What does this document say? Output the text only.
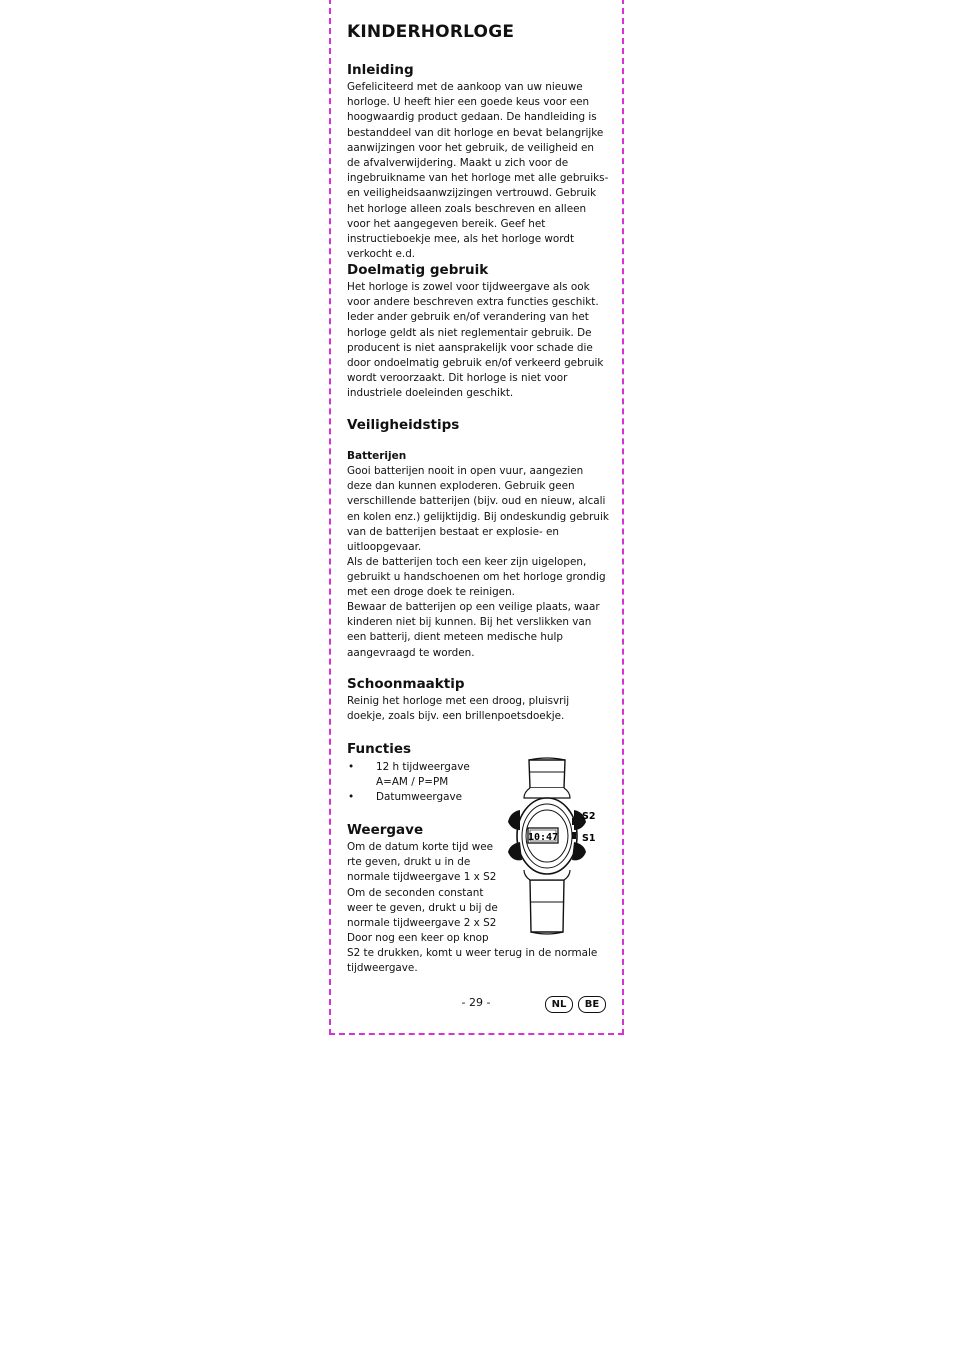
KINDERHORLOGE
Inleiding

Gefeliciteerd met de aankoop van uw nieuwe horloge. U heeft hier een goede keus voor een hoogwaardig product gedaan. De handleiding is bestanddeel van dit horloge en bevat belangrijke aanwijzingen voor het gebruik, de veiligheid en de afvalverwijdering. Maakt u zich voor de ingebruikname van het horloge met alle gebruiks- en veiligheidsaanwzijzingen vertrouwd. Gebruik het horloge alleen zoals beschreven en alleen voor het aangegeven bereik. Geef het instructieboekje mee, als het horloge wordt verkocht e.d.

Doelmatig gebruik

Het horloge is zowel voor tijdweergave als ook voor andere beschreven extra functies geschikt. Ieder ander gebruik en/of verandering van het horloge geldt als niet reglementair gebruik. De producent is niet aansprakelijk voor schade die door ondoelmatig gebruik en/of verkeerd gebruik wordt veroorzaakt. Dit horloge is niet voor industriele doeleinden geschikt.

Veiligheidstips
Batterijen

Gooi batterijen nooit in open vuur, aangezien deze dan kunnen exploderen. Gebruik geen verschillende batterijen (bijv. oud en nieuw, alcali en kolen enz.) gelijktijdig. Bij ondeskundig gebruik van de batterijen bestaat er explosie- en uitloopgevaar.

Als de batterijen toch een keer zijn uigelopen, gebruikt u handschoenen om het horloge grondig met een droge doek te reinigen.

Bewaar de batterijen op een veilige plaats, waar kinderen niet bij kunnen. Bij het verslikken van een batterij, dient meteen medische hulp aangevraagd te worden.

Schoonmaaktip

Reinig het horloge met een droog, pluisvrij doekje, zoals bijv. een brillenpoetsdoekje.

Functies
• 12 h tijdweergave
A=AM / P=PM
• Datumweergave
Weergave
Om de datum korte tijd wee
rte geven, drukt u in de
normale tijdweergave 1 x S2
Om de seconden constant
weer te geven, drukt u bij de
normale tijdweergave 2 x S2
Door nog een keer op knop

S2 te drukken, komt u weer terug in de normale tijdweergave.

10:47
S2
S1
- 29 -	NL	BE
